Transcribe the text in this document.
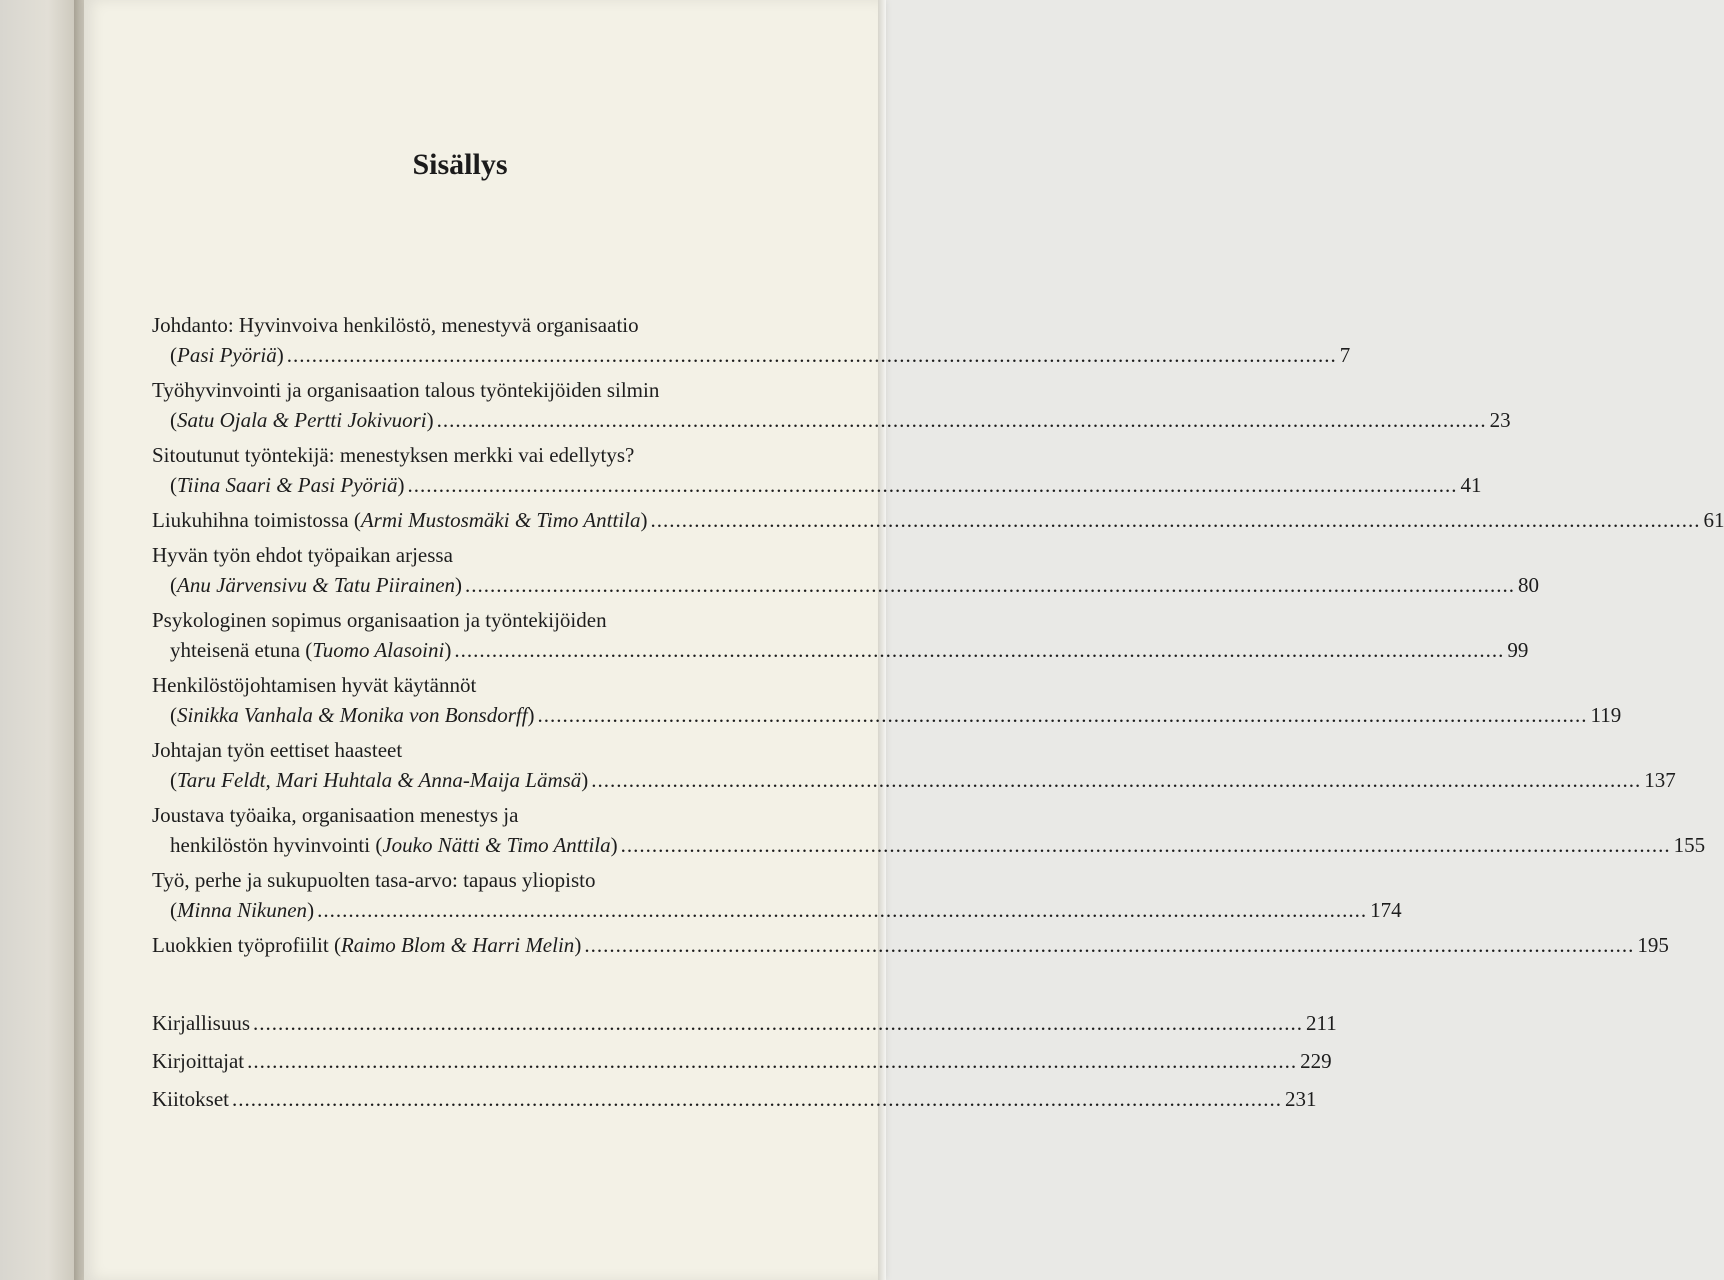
Sisällys
Johdanto: Hyvinvoiva henkilöstö, menestyvä organisaatio
(Pasi Pyöriä) .....	7
Työhyvinvointi ja organisaation talous työntekijöiden silmin
(Satu Ojala & Pertti Jokivuori) .....	23
Sitoutunut työntekijä: menestyksen merkki vai edellytys?
(Tiina Saari & Pasi Pyöriä) .....	41
Liukuhihna toimistossa
(Armi Mustosmäki & Timo Anttila) .....	61
Hyvän työn ehdot työpaikan arjessa
(Anu Järvensivu & Tatu Piirainen) .....	80
Psykologinen sopimus organisaation ja työntekijöiden
yhteisenä etuna
(Tuomo Alasoini) .....	99
Henkilöstöjohtamisen hyvät käytännöt
(Sinikka Vanhala & Monika von Bonsdorff) .....	119
Johtajan työn eettiset haasteet
(Taru Feldt, Mari Huhtala & Anna-Maija Lämsä) .....	137
Joustava työaika, organisaation menestys ja
henkilöstön hyvinvointi
(Jouko Nätti & Timo Anttila) .....	155
Työ, perhe ja sukupuolten tasa-arvo: tapaus yliopisto
(Minna Nikunen) .....	174
Luokkien työprofiilit
(Raimo Blom & Harri Melin) .....	195
Kirjallisuus .....	211
Kirjoittajat .....	229
Kiitokset .....	231
